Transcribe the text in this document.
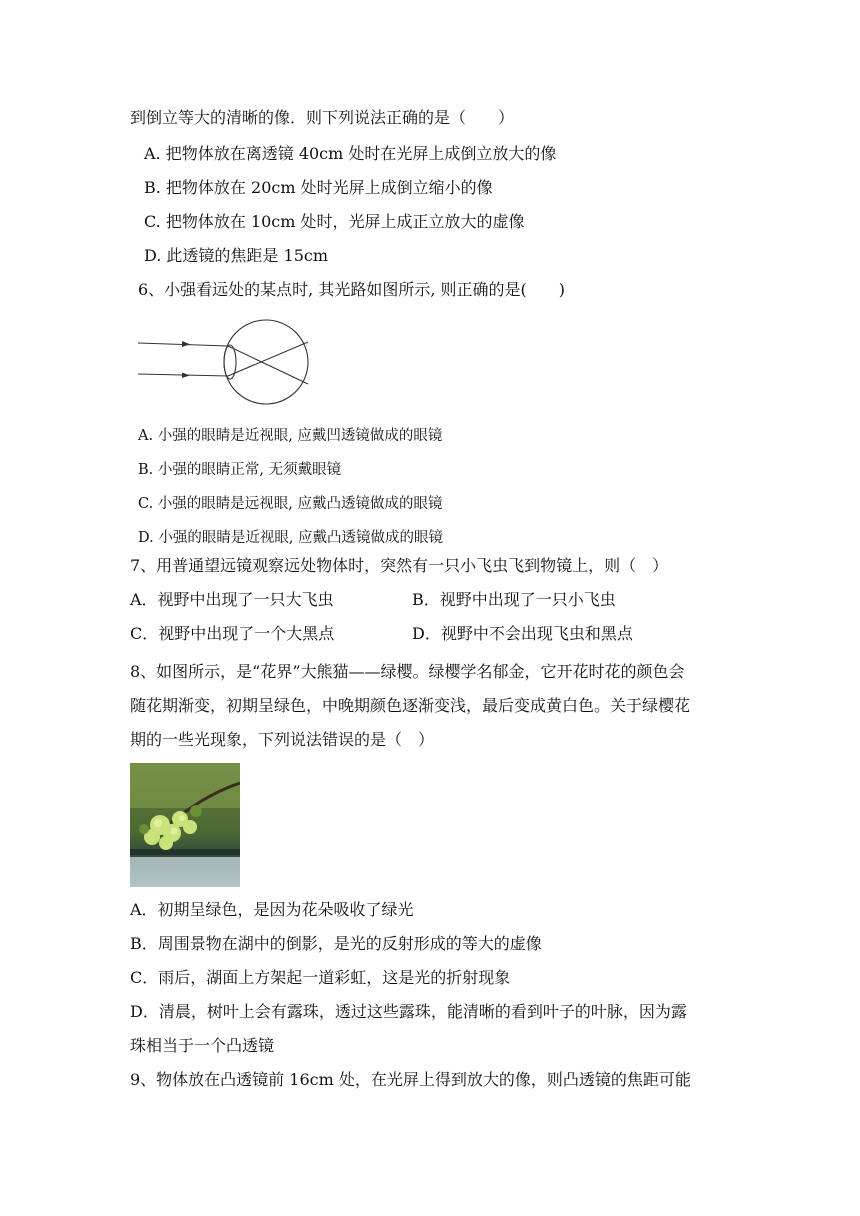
到倒立等大的清晰的像．则下列说法正确的是（　　）
A. 把物体放在离透镜 40cm 处时在光屏上成倒立放大的像
B. 把物体放在 20cm 处时光屏上成倒立缩小的像
C. 把物体放在 10cm 处时，光屏上成正立放大的虚像
D. 此透镜的焦距是 15cm
6、小强看远处的某点时, 其光路如图所示, 则正确的是(　　)
A. 小强的眼睛是近视眼, 应戴凹透镜做成的眼镜
B. 小强的眼睛正常, 无须戴眼镜
C. 小强的眼睛是远视眼, 应戴凸透镜做成的眼镜
D. 小强的眼睛是近视眼, 应戴凸透镜做成的眼镜
7、用普通望远镜观察远处物体时，突然有一只小飞虫飞到物镜上，则（　）
A．视野中出现了一只大飞虫	B．视野中出现了一只小飞虫
C．视野中出现了一个大黑点	D．视野中不会出现飞虫和黑点
8、如图所示，是“花界”大熊猫——绿樱。绿樱学名郁金，它开花时花的颜色会
随花期渐变，初期呈绿色，中晚期颜色逐渐变浅，最后变成黄白色。关于绿樱花
期的一些光现象，下列说法错误的是（　）
A．初期呈绿色，是因为花朵吸收了绿光
B．周围景物在湖中的倒影，是光的反射形成的等大的虚像
C．雨后，湖面上方架起一道彩虹，这是光的折射现象
D．清晨，树叶上会有露珠，透过这些露珠，能清晰的看到叶子的叶脉，因为露
珠相当于一个凸透镜
9、物体放在凸透镜前 16cm 处，在光屏上得到放大的像，则凸透镜的焦距可能
